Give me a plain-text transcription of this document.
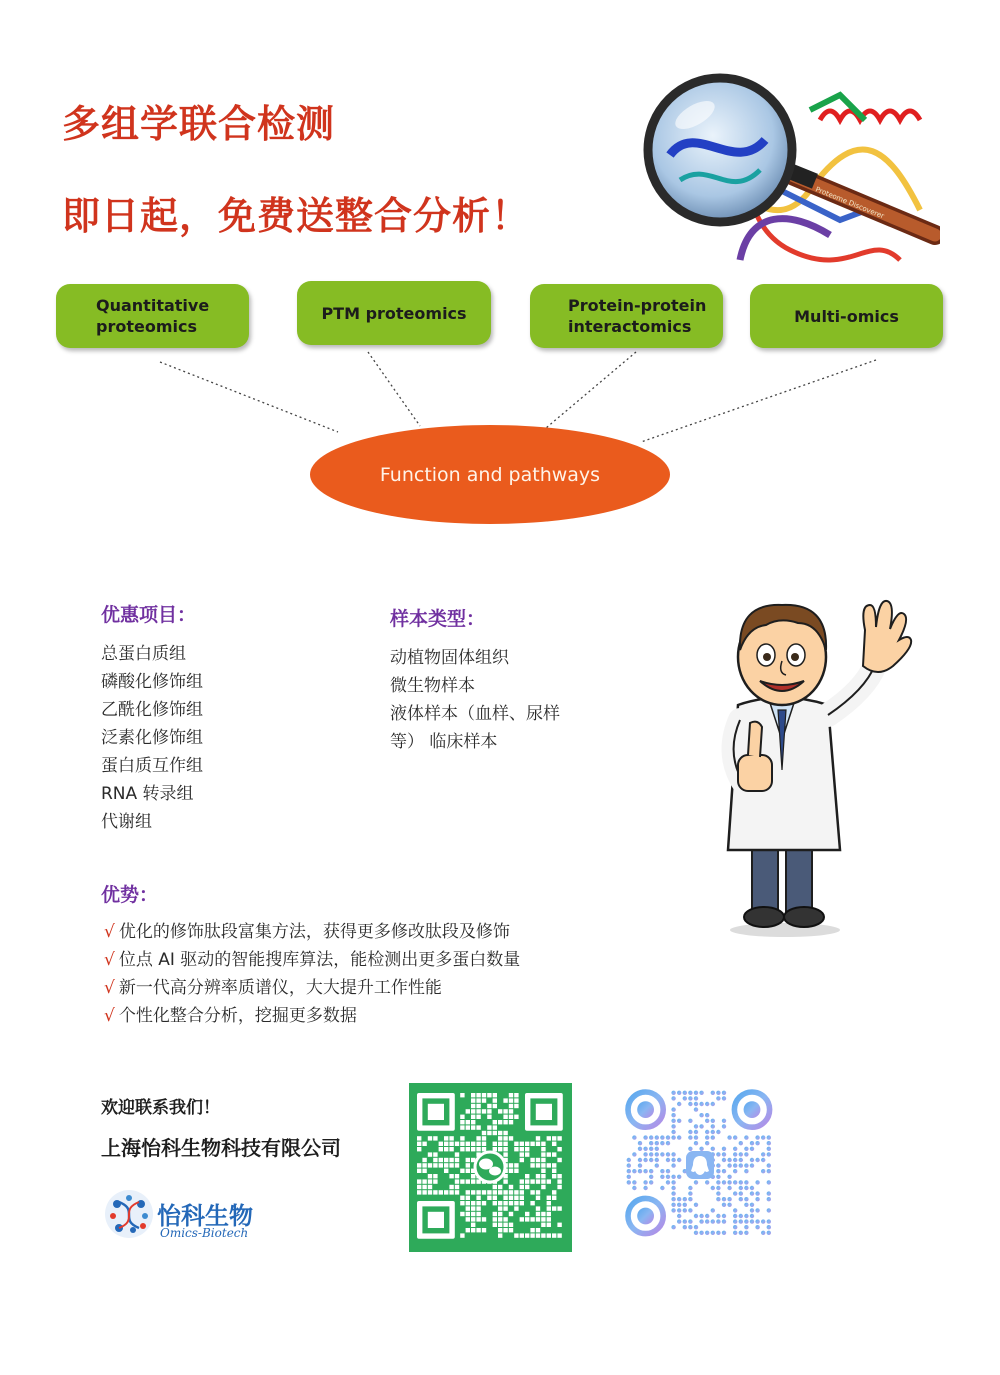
多组学联合检测
即日起，免费送整合分析！	Proteome Discoverer
Quantitative
proteomics
PTM proteomics	Protein-protein
interactomics
Multi-omics
Function and pathways
优惠项目：
总蛋白质组
磷酸化修饰组
乙酰化修饰组
泛素化修饰组
蛋白质互作组
RNA 转录组
代谢组
样本类型：
动植物固体组织
微生物样本
液体样本（血样、尿样
等） 临床样本
优势：
√ 优化的修饰肽段富集方法，获得更多修改肽段及修饰
√ 位点 AI 驱动的智能搜库算法，能检测出更多蛋白数量
√ 新一代高分辨率质谱仪，大大提升工作性能
√ 个性化整合分析，挖掘更多数据
欢迎联系我们！
上海怡科生物科技有限公司
怡科生物
Omics-Biotech
